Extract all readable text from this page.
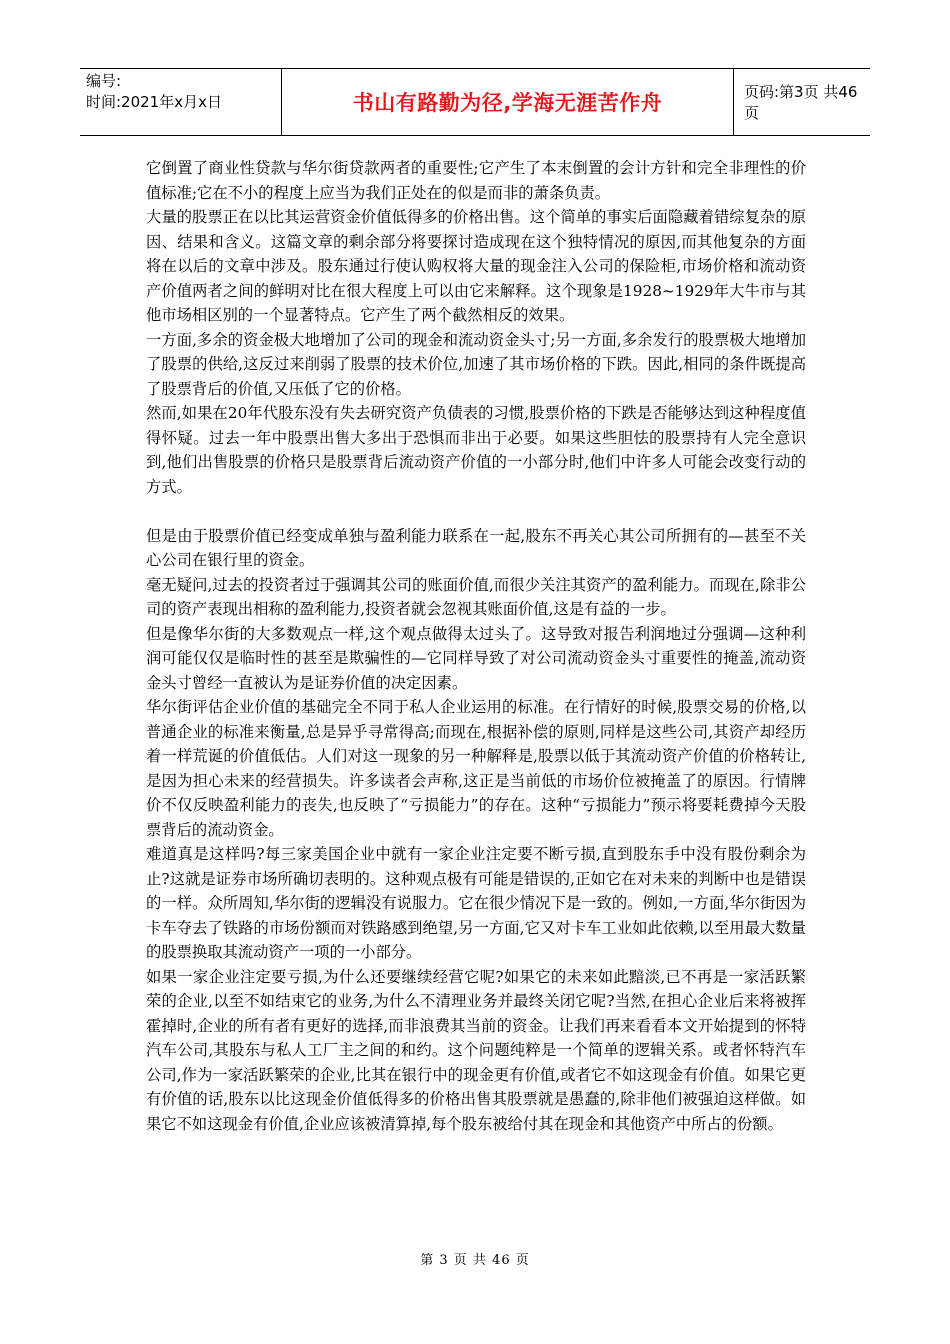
编号:
时间:2021年x月x日	书山有路勤为径,学海无涯苦作舟	页码:第3页 共46页

它倒置了商业性贷款与华尔街贷款两者的重要性;它产生了本末倒置的会计方针和完全非理性的价值标准;它在不小的程度上应当为我们正处在的似是而非的萧条负责。

大量的股票正在以比其运营资金价值低得多的价格出售。这个简单的事实后面隐藏着错综复杂的原因、结果和含义。这篇文章的剩余部分将要探讨造成现在这个独特情况的原因,而其他复杂的方面将在以后的文章中涉及。股东通过行使认购权将大量的现金注入公司的保险柜,市场价格和流动资产价值两者之间的鲜明对比在很大程度上可以由它来解释。这个现象是1928~1929年大牛市与其他市场相区别的一个显著特点。它产生了两个截然相反的效果。

一方面,多余的资金极大地增加了公司的现金和流动资金头寸;另一方面,多余发行的股票极大地增加了股票的供给,这反过来削弱了股票的技术价位,加速了其市场价格的下跌。因此,相同的条件既提高了股票背后的价值,又压低了它的价格。

然而,如果在20年代股东没有失去研究资产负债表的习惯,股票价格的下跌是否能够达到这种程度值得怀疑。过去一年中股票出售大多出于恐惧而非出于必要。如果这些胆怯的股票持有人完全意识到,他们出售股票的价格只是股票背后流动资产价值的一小部分时,他们中许多人可能会改变行动的方式。

但是由于股票价值已经变成单独与盈利能力联系在一起,股东不再关心其公司所拥有的—甚至不关心公司在银行里的资金。

毫无疑问,过去的投资者过于强调其公司的账面价值,而很少关注其资产的盈利能力。而现在,除非公司的资产表现出相称的盈利能力,投资者就会忽视其账面价值,这是有益的一步。

但是像华尔街的大多数观点一样,这个观点做得太过头了。这导致对报告利润地过分强调—这种利润可能仅仅是临时性的甚至是欺骗性的—它同样导致了对公司流动资金头寸重要性的掩盖,流动资金头寸曾经一直被认为是证券价值的决定因素。

华尔街评估企业价值的基础完全不同于私人企业运用的标准。在行情好的时候,股票交易的价格,以普通企业的标准来衡量,总是异乎寻常得高;而现在,根据补偿的原则,同样是这些公司,其资产却经历着一样荒诞的价值低估。人们对这一现象的另一种解释是,股票以低于其流动资产价值的价格转让,是因为担心未来的经营损失。许多读者会声称,这正是当前低的市场价位被掩盖了的原因。行情牌价不仅反映盈利能力的丧失,也反映了“亏损能力”的存在。这种“亏损能力”预示将要耗费掉今天股票背后的流动资金。

难道真是这样吗?每三家美国企业中就有一家企业注定要不断亏损,直到股东手中没有股份剩余为止?这就是证券市场所确切表明的。这种观点极有可能是错误的,正如它在对未来的判断中也是错误的一样。众所周知,华尔街的逻辑没有说服力。它在很少情况下是一致的。例如,一方面,华尔街因为卡车夺去了铁路的市场份额而对铁路感到绝望,另一方面,它又对卡车工业如此依赖,以至用最大数量的股票换取其流动资产一项的一小部分。

如果一家企业注定要亏损,为什么还要继续经营它呢?如果它的未来如此黯淡,已不再是一家活跃繁荣的企业,以至不如结束它的业务,为什么不清理业务并最终关闭它呢?当然,在担心企业后来将被挥霍掉时,企业的所有者有更好的选择,而非浪费其当前的资金。让我们再来看看本文开始提到的怀特汽车公司,其股东与私人工厂主之间的和约。这个问题纯粹是一个简单的逻辑关系。或者怀特汽车公司,作为一家活跃繁荣的企业,比其在银行中的现金更有价值,或者它不如这现金有价值。如果它更有价值的话,股东以比这现金价值低得多的价格出售其股票就是愚蠢的,除非他们被强迫这样做。如果它不如这现金有价值,企业应该被清算掉,每个股东被给付其在现金和其他资产中所占的份额。

第 3 页 共 46 页
